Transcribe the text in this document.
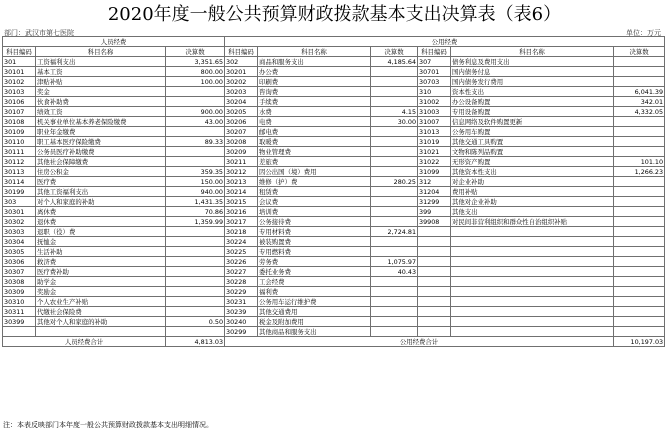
2020年度一般公共预算财政拨款基本支出决算表（表6）
部门：武汉市第七医院	单位：万元
人员经费			公用经费					
科目编码	科目名称	决算数	科目编码	科目名称	决算数	科目编码	科目名称	决算数
301	工资福利支出	3,351.65	302	商品和服务支出	4,185.64	307	债务利息及费用支出	
30101	基本工资	800.00	30201	办公费		30701	国内债务付息	
30102	津贴补贴	100.00	30202	印刷费		30703	国内债务发行费用	
30103	奖金		30203	咨询费		310	资本性支出	6,041.39
30106	伙食补助费		30204	手续费		31002	办公设备购置	342.01
30107	绩效工资	900.00	30205	水费	4.15	31003	专用设备购置	4,332.05
30108	机关事业单位基本养老保险缴费	43.00	30206	电费	30.00	31007	信息网络及软件购置更新	
30109	职业年金缴费		30207	邮电费		31013	公务用车购置	
30110	职工基本医疗保险缴费	89.33	30208	取暖费		31019	其他交通工具购置	
30111	公务员医疗补助缴费		30209	物业管理费		31021	文物和陈列品购置	
30112	其他社会保障缴费		30211	差旅费		31022	无形资产购置	101.10
30113	住房公积金	359.35	30212	因公出国（境）费用		31099	其他资本性支出	1,266.23
30114	医疗费	150.00	30213	维修（护）费	280.25	312	对企业补助	
30199	其他工资福利支出	940.00	30214	租赁费		31204	费用补贴	
303	对个人和家庭的补助	1,431.35	30215	会议费		31299	其他对企业补助	
30301	离休费	70.86	30216	培训费		399	其他支出	
30302	退休费	1,359.99	30217	公务接待费		39908	对民间非营利组织和群众性自治组织补贴	
30303	退职（役）费		30218	专用材料费	2,724.81			
30304	抚恤金		30224	被装购置费				
30305	生活补助		30225	专用燃料费				
30306	救济费		30226	劳务费	1,075.97			
30307	医疗费补助		30227	委托业务费	40.43			
30308	助学金		30228	工会经费				
30309	奖励金		30229	福利费				
30310	个人农业生产补贴		30231	公务用车运行维护费				
30311	代缴社会保险费		30239	其他交通费用				
30399	其他对个人和家庭的补助	0.50	30240	税金及附加费用				
			30299	其他商品和服务支出				
人员经费合计		4,813.03	公用经费合计					10,197.03
注：本表反映部门本年度一般公共预算财政拨款基本支出明细情况。
